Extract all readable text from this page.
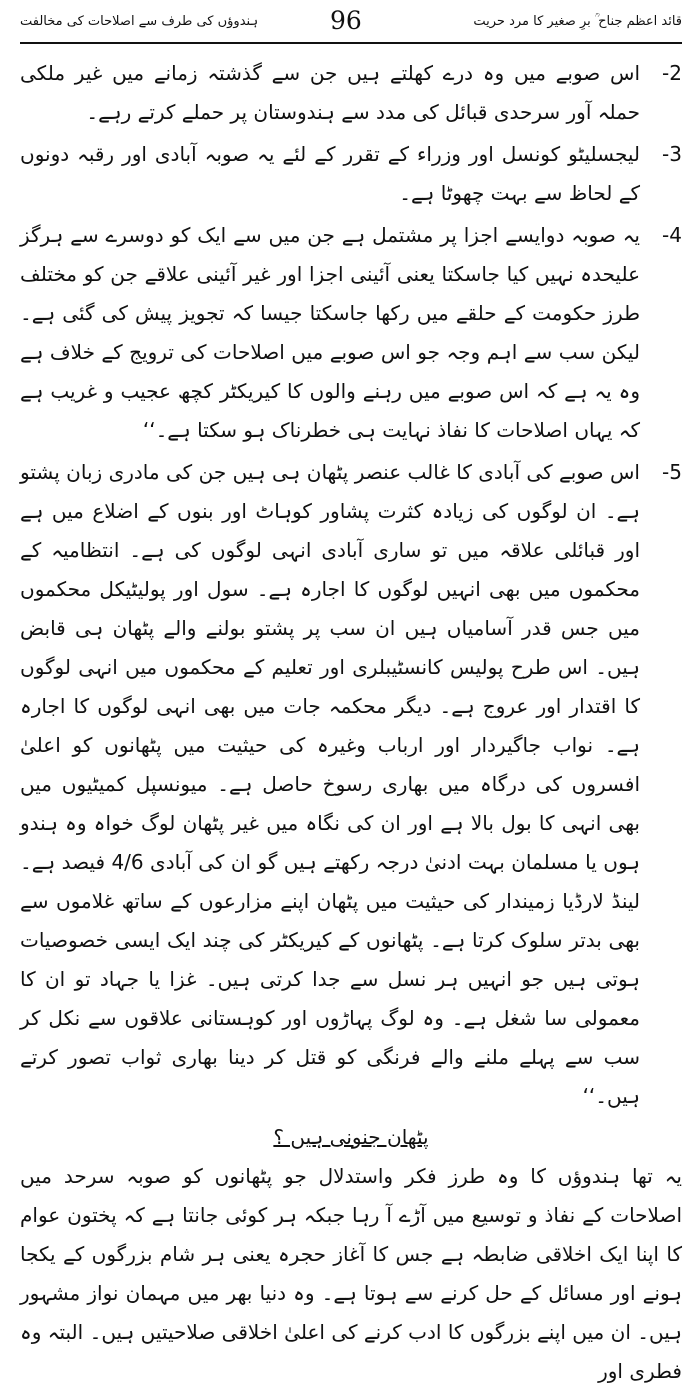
قائد اعظم جناح ؒ برِ صغیر کا مرد حریت
96
ہندوؤں کی طرف سے اصلاحات کی مخالفت
-2
اس صوبے میں وہ درے کھلتے ہیں جن سے گذشتہ زمانے میں غیر ملکی حملہ آور سرحدی قبائل کی مدد سے ہندوستان پر حملے کرتے رہے۔
-3
لیجسلیٹو کونسل اور وزراء کے تقرر کے لئے یہ صوبہ آبادی اور رقبہ دونوں کے لحاظ سے بہت چھوٹا ہے۔
-4
یہ صوبہ دوایسے اجزا پر مشتمل ہے جن میں سے ایک کو دوسرے سے ہرگز علیحدہ نہیں کیا جاسکتا یعنی آئینی اجزا اور غیر آئینی علاقے جن کو مختلف طرز حکومت کے حلقے میں رکھا جاسکتا جیسا کہ تجویز پیش کی گئی ہے۔ لیکن سب سے اہم وجہ جو اس صوبے میں اصلاحات کی ترویج کے خلاف ہے وہ یہ ہے کہ اس صوبے میں رہنے والوں کا کیریکٹر کچھ عجیب و غریب ہے کہ یہاں اصلاحات کا نفاذ نہایت ہی خطرناک ہو سکتا ہے۔‘‘
-5
اس صوبے کی آبادی کا غالب عنصر پٹھان ہی ہیں جن کی مادری زبان پشتو ہے۔ ان لوگوں کی زیادہ کثرت پشاور کوہاٹ اور بنوں کے اضلاع میں ہے اور قبائلی علاقہ میں تو ساری آبادی انہی لوگوں کی ہے۔ انتظامیہ کے محکموں میں بھی انہیں لوگوں کا اجارہ ہے۔ سول اور پولیٹیکل محکموں میں جس قدر آسامیاں ہیں ان سب پر پشتو بولنے والے پٹھان ہی قابض ہیں۔ اس طرح پولیس کانسٹیبلری اور تعلیم کے محکموں میں انہی لوگوں کا اقتدار اور عروج ہے۔ دیگر محکمہ جات میں بھی انہی لوگوں کا اجارہ ہے۔ نواب جاگیردار اور ارباب وغیرہ کی حیثیت میں پٹھانوں کو اعلیٰ افسروں کی درگاہ میں بھاری رسوخ حاصل ہے۔ میونسپل کمیٹیوں میں بھی انہی کا بول بالا ہے اور ان کی نگاہ میں غیر پٹھان لوگ خواہ وہ ہندو ہوں یا مسلمان بہت ادنیٰ درجہ رکھتے ہیں گو ان کی آبادی 4/6 فیصد ہے۔ لینڈ لارڈیا زمیندار کی حیثیت میں پٹھان اپنے مزارعوں کے ساتھ غلاموں سے بھی بدتر سلوک کرتا ہے۔ پٹھانوں کے کیریکٹر کی چند ایک ایسی خصوصیات ہوتی ہیں جو انہیں ہر نسل سے جدا کرتی ہیں۔ غزا یا جہاد تو ان کا معمولی سا شغل ہے۔ وہ لوگ پہاڑوں اور کوہستانی علاقوں سے نکل کر سب سے پہلے ملنے والے فرنگی کو قتل کر دینا بھاری ثواب تصور کرتے ہیں۔‘‘
پٹھان جنونی ہیں ؟

یہ تھا ہندوؤں کا وہ طرز فکر واستدلال جو پٹھانوں کو صوبہ سرحد میں اصلاحات کے نفاذ و توسیع میں آڑے آ رہا جبکہ ہر کوئی جانتا ہے کہ پختون عوام کا اپنا ایک اخلاقی ضابطہ ہے جس کا آغاز حجرہ یعنی ہر شام بزرگوں کے یکجا ہونے اور مسائل کے حل کرنے سے ہوتا ہے۔ وہ دنیا بھر میں مہمان نواز مشہور ہیں۔ ان میں اپنے بزرگوں کا ادب کرنے کی اعلیٰ اخلاقی صلاحیتیں ہیں۔ البتہ وہ فطری اور
